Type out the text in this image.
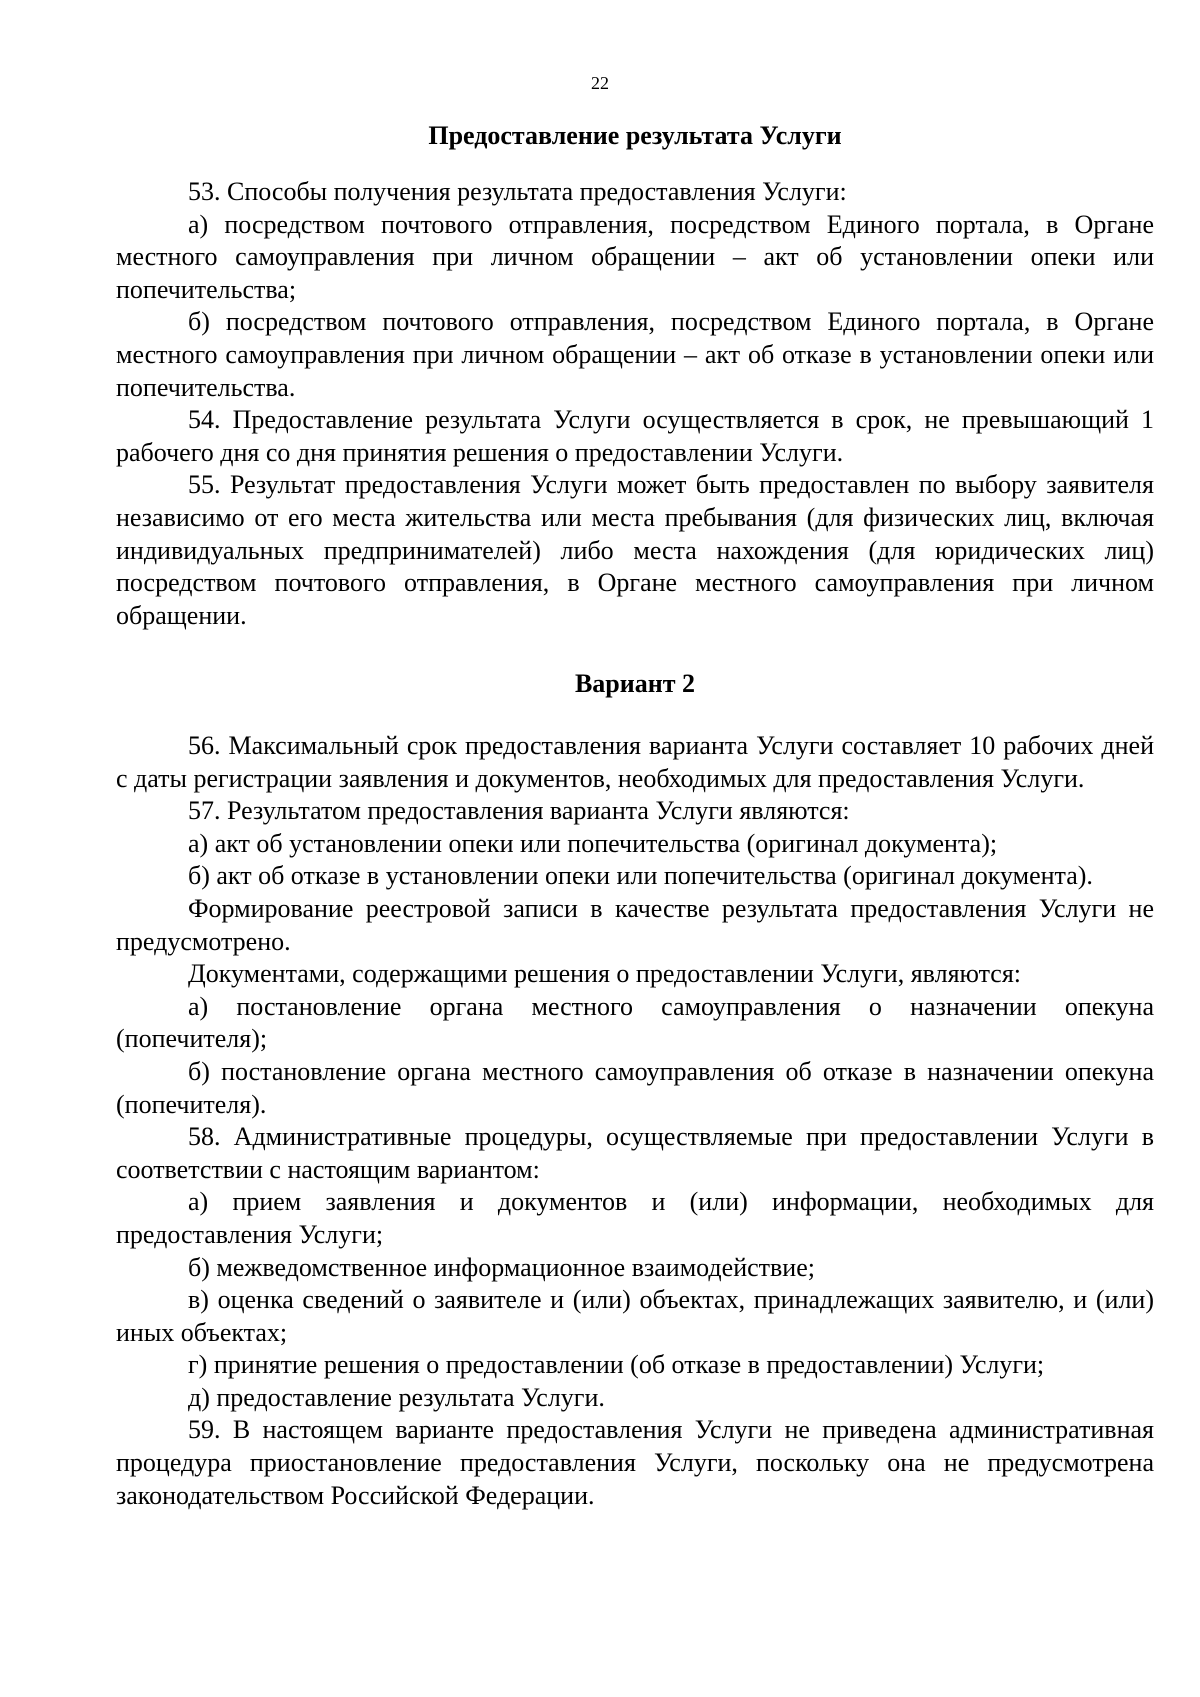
22
Предоставление результата Услуги

53. Способы получения результата предоставления Услуги:

а) посредством почтового отправления, посредством Единого портала, в Органе местного самоуправления при личном обращении – акт об установлении опеки или попечительства;

б) посредством почтового отправления, посредством Единого портала, в Органе местного самоуправления при личном обращении – акт об отказе в установлении опеки или попечительства.

54. Предоставление результата Услуги осуществляется в срок, не превышающий 1 рабочего дня со дня принятия решения о предоставлении Услуги.

55. Результат предоставления Услуги может быть предоставлен по выбору заявителя независимо от его места жительства или места пребывания (для физических лиц, включая индивидуальных предпринимателей) либо места нахождения (для юридических лиц) посредством почтового отправления, в Органе местного самоуправления при личном обращении.

Вариант 2

56. Максимальный срок предоставления варианта Услуги составляет 10 рабочих дней с даты регистрации заявления и документов, необходимых для предоставления Услуги.

57. Результатом предоставления варианта Услуги являются:

а) акт об установлении опеки или попечительства (оригинал документа);

б) акт об отказе в установлении опеки или попечительства (оригинал документа).

Формирование реестровой записи в качестве результата предоставления Услуги не предусмотрено.

Документами, содержащими решения о предоставлении Услуги, являются:

а) постановление органа местного самоуправления о назначении опекуна (попечителя);

б) постановление органа местного самоуправления об отказе в назначении опекуна (попечителя).

58. Административные процедуры, осуществляемые при предоставлении Услуги в соответствии с настоящим вариантом:

а) прием заявления и документов и (или) информации, необходимых для предоставления Услуги;

б) межведомственное информационное взаимодействие;

в) оценка сведений о заявителе и (или) объектах, принадлежащих заявителю, и (или) иных объектах;

г) принятие решения о предоставлении (об отказе в предоставлении) Услуги;

д) предоставление результата Услуги.

59. В настоящем варианте предоставления Услуги не приведена административная процедура приостановление предоставления Услуги, поскольку она не предусмотрена законодательством Российской Федерации.
